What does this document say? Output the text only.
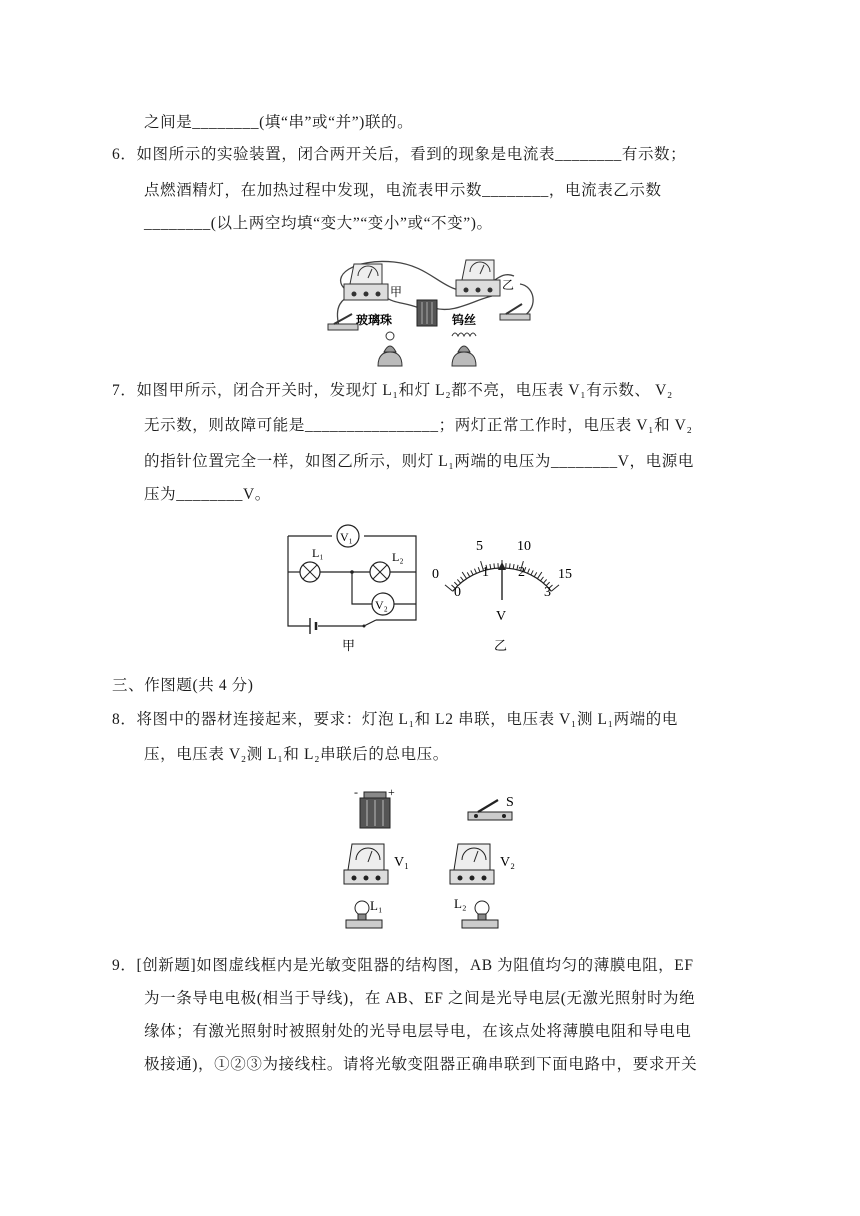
之间是________(填“串”或“并”)联的。
6．如图所示的实验装置，闭合两开关后，看到的现象是电流表________有示数；
点燃酒精灯，在加热过程中发现，电流表甲示数________，电流表乙示数
________(以上两空均填“变大”“变小”或“不变”)。
甲	乙
玻璃珠	钨丝
7．如图甲所示，闭合开关时，发现灯 L₁和灯 L₂都不亮，电压表 V₁有示数、 V₂
无示数，则故障可能是________________；两灯正常工作时，电压表 V₁和 V₂
的指针位置完全一样，如图乙所示，则灯 L₁两端的电压为________V，电源电
压为________V。
V₁
L₁	L₂
V₂
甲
0
5 10
15
0
1 2
3
V
乙
三、作图题(共 4 分)
8．将图中的器材连接起来，要求：灯泡 L₁和 L2 串联，电压表 V₁测 L₁两端的电
压，电压表 V₂测 L₁和 L₂串联后的总电压。
-	+
S
V₁	V₂
L₁	L₂
9．[创新题]如图虚线框内是光敏变阻器的结构图，AB 为阻值均匀的薄膜电阻，EF
为一条导电电极(相当于导线)，在 AB、EF 之间是光导电层(无激光照射时为绝
缘体；有激光照射时被照射处的光导电层导电，在该点处将薄膜电阻和导电电
极接通)，①②③为接线柱。请将光敏变阻器正确串联到下面电路中，要求开关
